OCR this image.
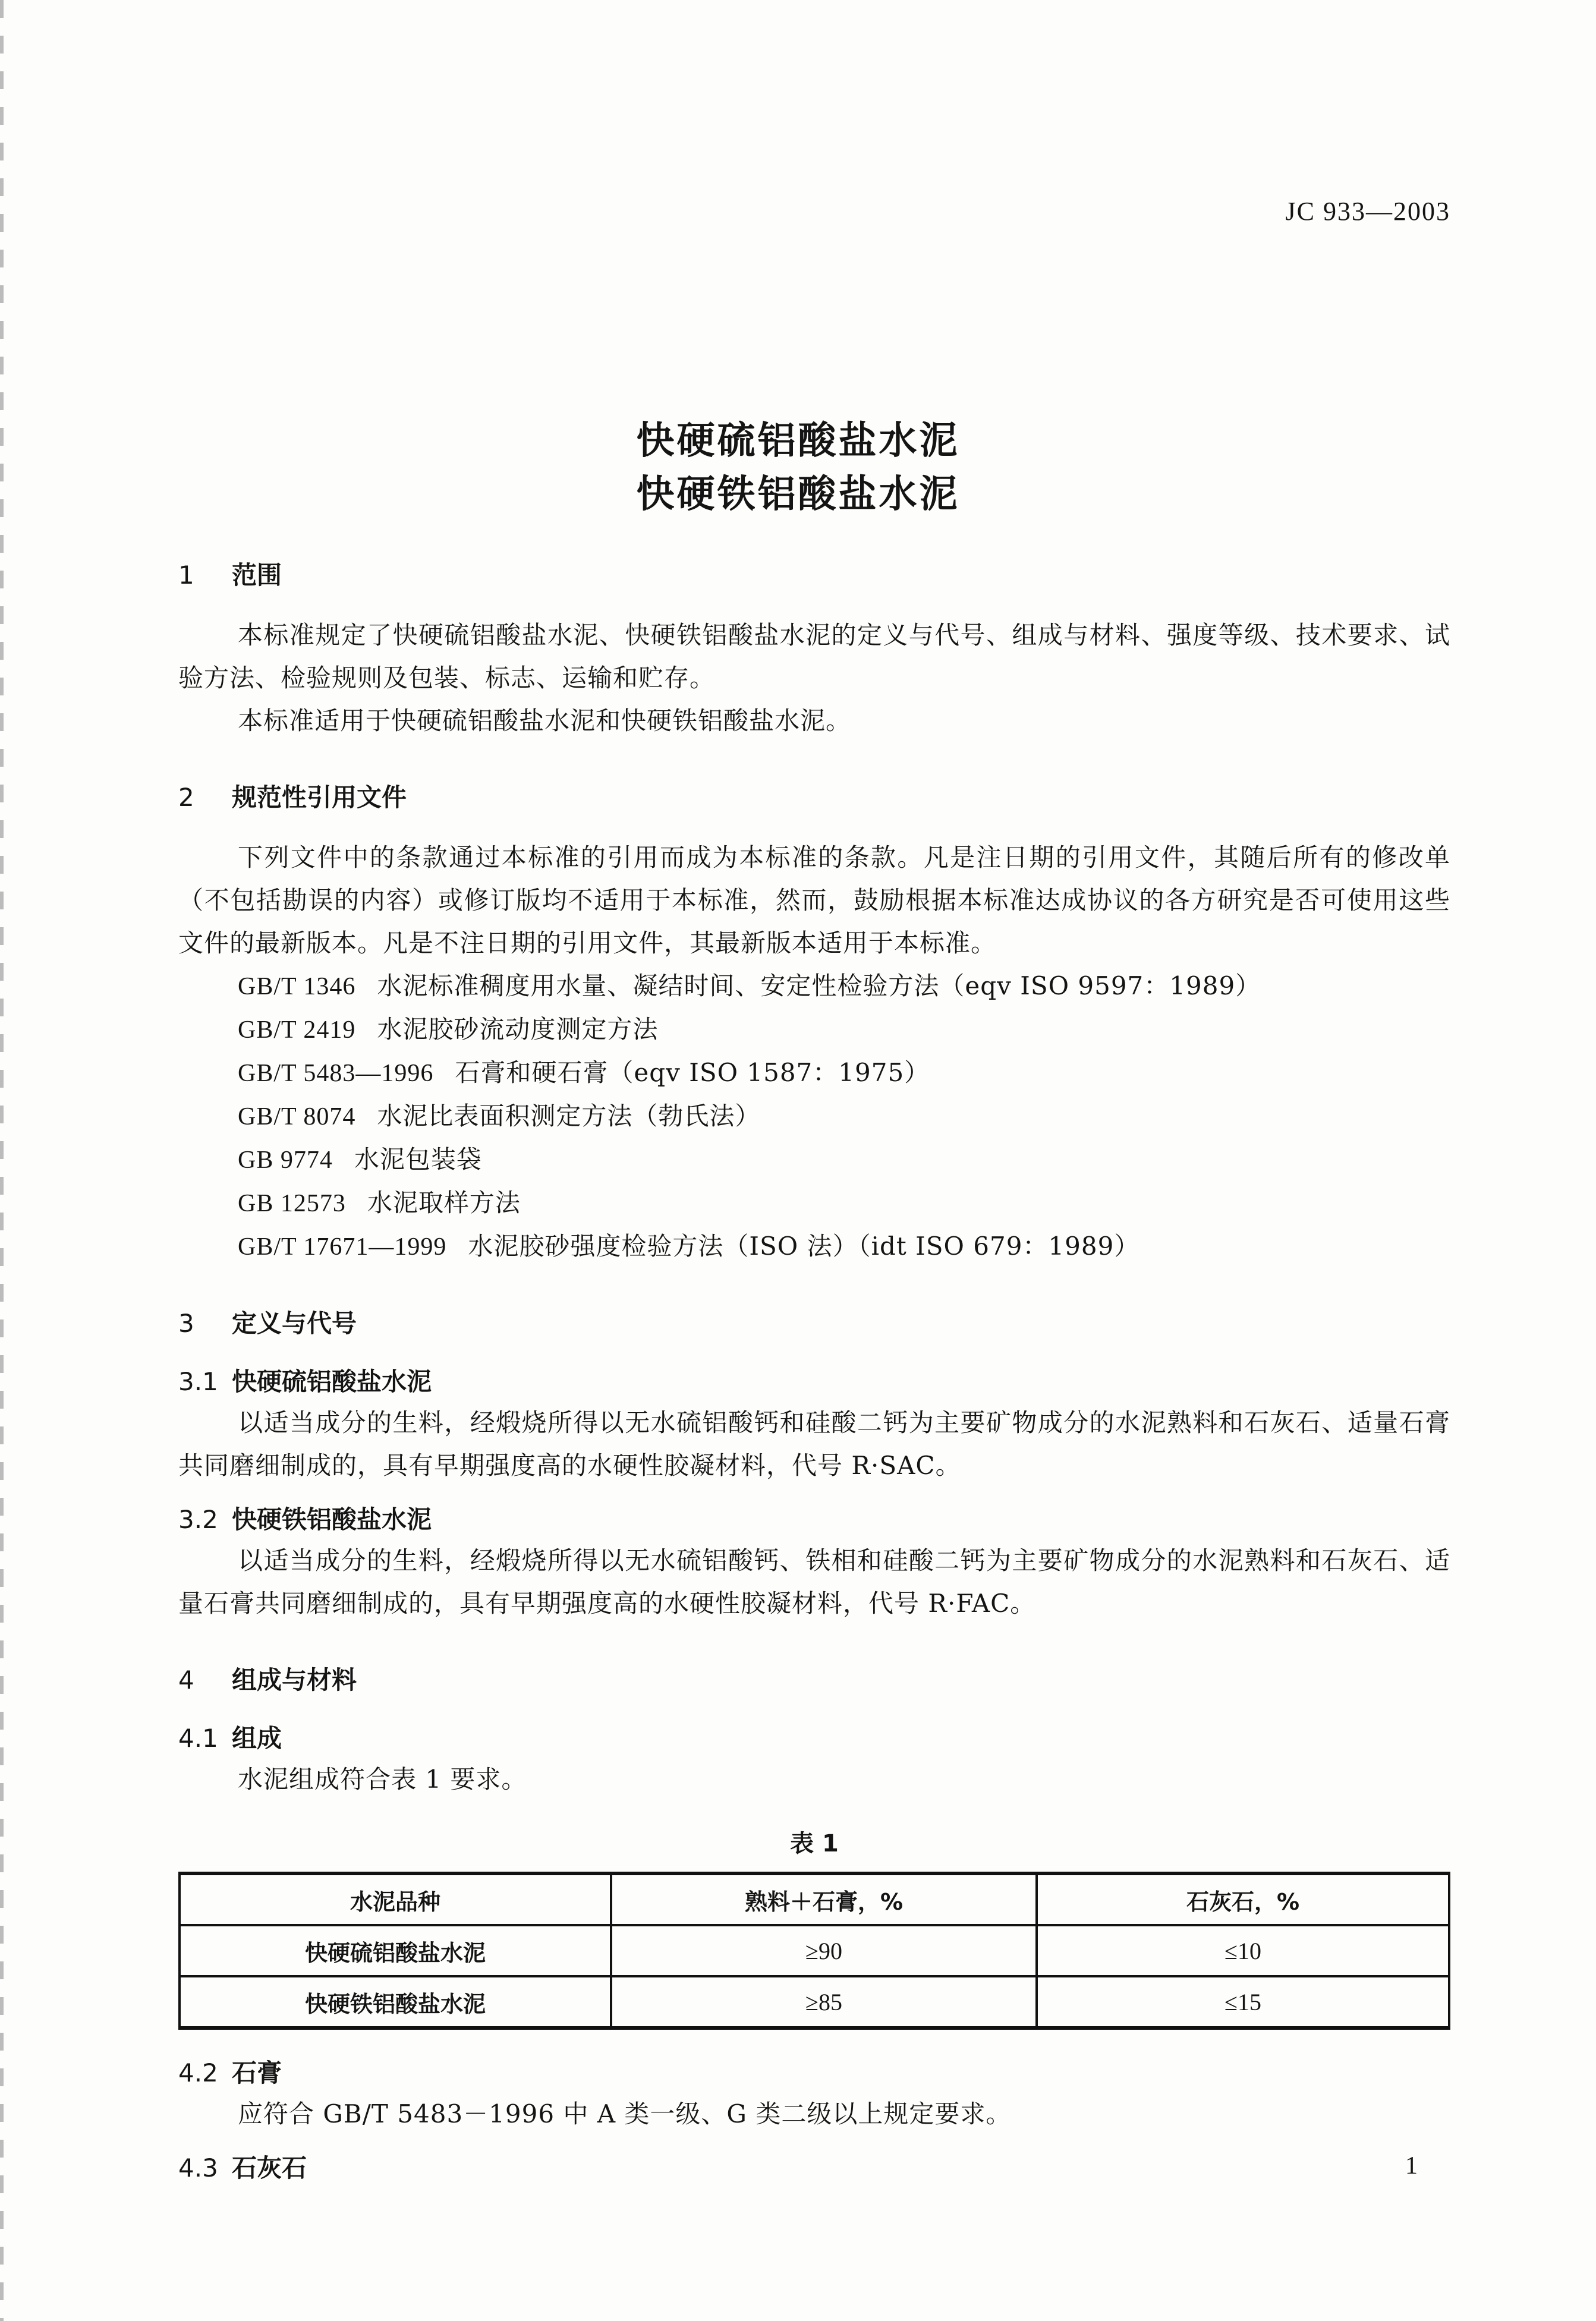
JC 933—2003
快硬硫铝酸盐水泥
快硬铁铝酸盐水泥
1 范围

本标准规定了快硬硫铝酸盐水泥、快硬铁铝酸盐水泥的定义与代号、组成与材料、强度等级、技术要求、试验方法、检验规则及包装、标志、运输和贮存。

本标准适用于快硬硫铝酸盐水泥和快硬铁铝酸盐水泥。

2 规范性引用文件

下列文件中的条款通过本标准的引用而成为本标准的条款。凡是注日期的引用文件，其随后所有的修改单（不包括勘误的内容）或修订版均不适用于本标准，然而，鼓励根据本标准达成协议的各方研究是否可使用这些文件的最新版本。凡是不注日期的引用文件，其最新版本适用于本标准。

GB/T 1346 水泥标准稠度用水量、凝结时间、安定性检验方法（eqv ISO 9597：1989）
GB/T 2419 水泥胶砂流动度测定方法
GB/T 5483—1996 石膏和硬石膏（eqv ISO 1587：1975）
GB/T 8074 水泥比表面积测定方法（勃氏法）
GB 9774 水泥包装袋
GB 12573 水泥取样方法
GB/T 17671—1999 水泥胶砂强度检验方法（ISO 法）（idt ISO 679：1989）
3 定义与代号
3.1 快硬硫铝酸盐水泥

以适当成分的生料，经煅烧所得以无水硫铝酸钙和硅酸二钙为主要矿物成分的水泥熟料和石灰石、适量石膏共同磨细制成的，具有早期强度高的水硬性胶凝材料，代号 R·SAC。

3.2 快硬铁铝酸盐水泥

以适当成分的生料，经煅烧所得以无水硫铝酸钙、铁相和硅酸二钙为主要矿物成分的水泥熟料和石灰石、适量石膏共同磨细制成的，具有早期强度高的水硬性胶凝材料，代号 R·FAC。

4 组成与材料
4.1 组成

水泥组成符合表 1 要求。

表 1
水泥品种	熟料＋石膏，%	石灰石，%
快硬硫铝酸盐水泥	≥90	≤10
快硬铁铝酸盐水泥	≥85	≤15
4.2 石膏

应符合 GB/T 5483－1996 中 A 类一级、G 类二级以上规定要求。

4.3 石灰石	1
